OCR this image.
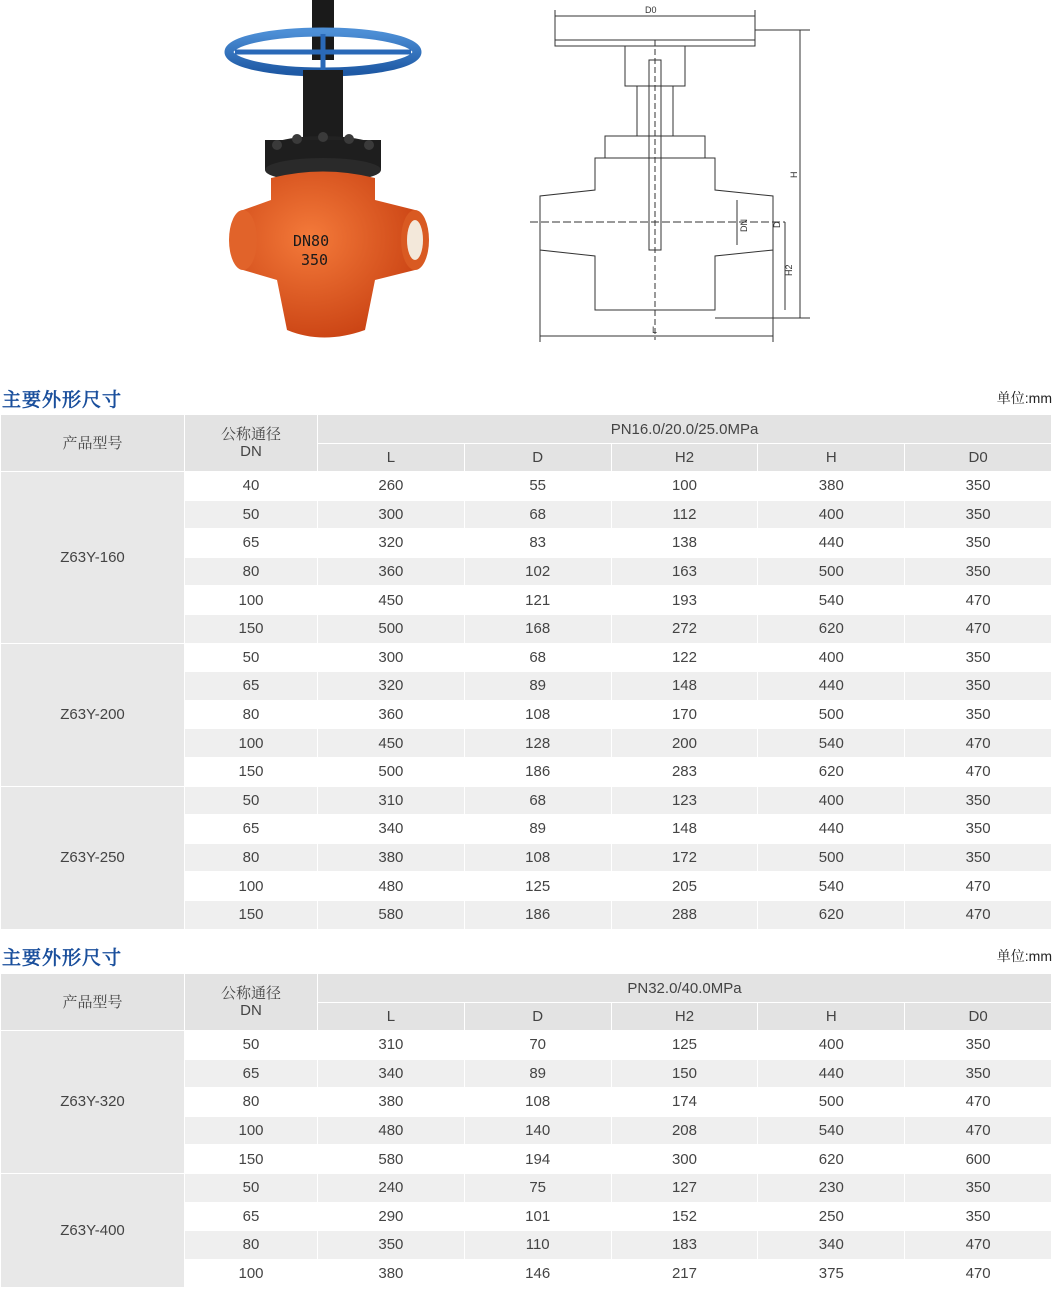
DN80
350
D0
H
DN	D
H2
L
主要外形尺寸	单位:mm
产品型号	公称通径
DN	PN16.0/20.0/25.0MPa				
		L	D	H2	H	D0
Z63Y-160	40	260	55	100	380	350
	50	300	68	112	400	350
	65	320	83	138	440	350
	80	360	102	163	500	350
	100	450	121	193	540	470
	150	500	168	272	620	470
Z63Y-200	50	300	68	122	400	350
	65	320	89	148	440	350
	80	360	108	170	500	350
	100	450	128	200	540	470
	150	500	186	283	620	470
Z63Y-250	50	310	68	123	400	350
	65	340	89	148	440	350
	80	380	108	172	500	350
	100	480	125	205	540	470
	150	580	186	288	620	470
主要外形尺寸	单位:mm
产品型号	公称通径
DN	PN32.0/40.0MPa				
		L	D	H2	H	D0
Z63Y-320	50	310	70	125	400	350
	65	340	89	150	440	350
	80	380	108	174	500	470
	100	480	140	208	540	470
	150	580	194	300	620	600
Z63Y-400	50	240	75	127	230	350
	65	290	101	152	250	350
	80	350	110	183	340	470
	100	380	146	217	375	470
